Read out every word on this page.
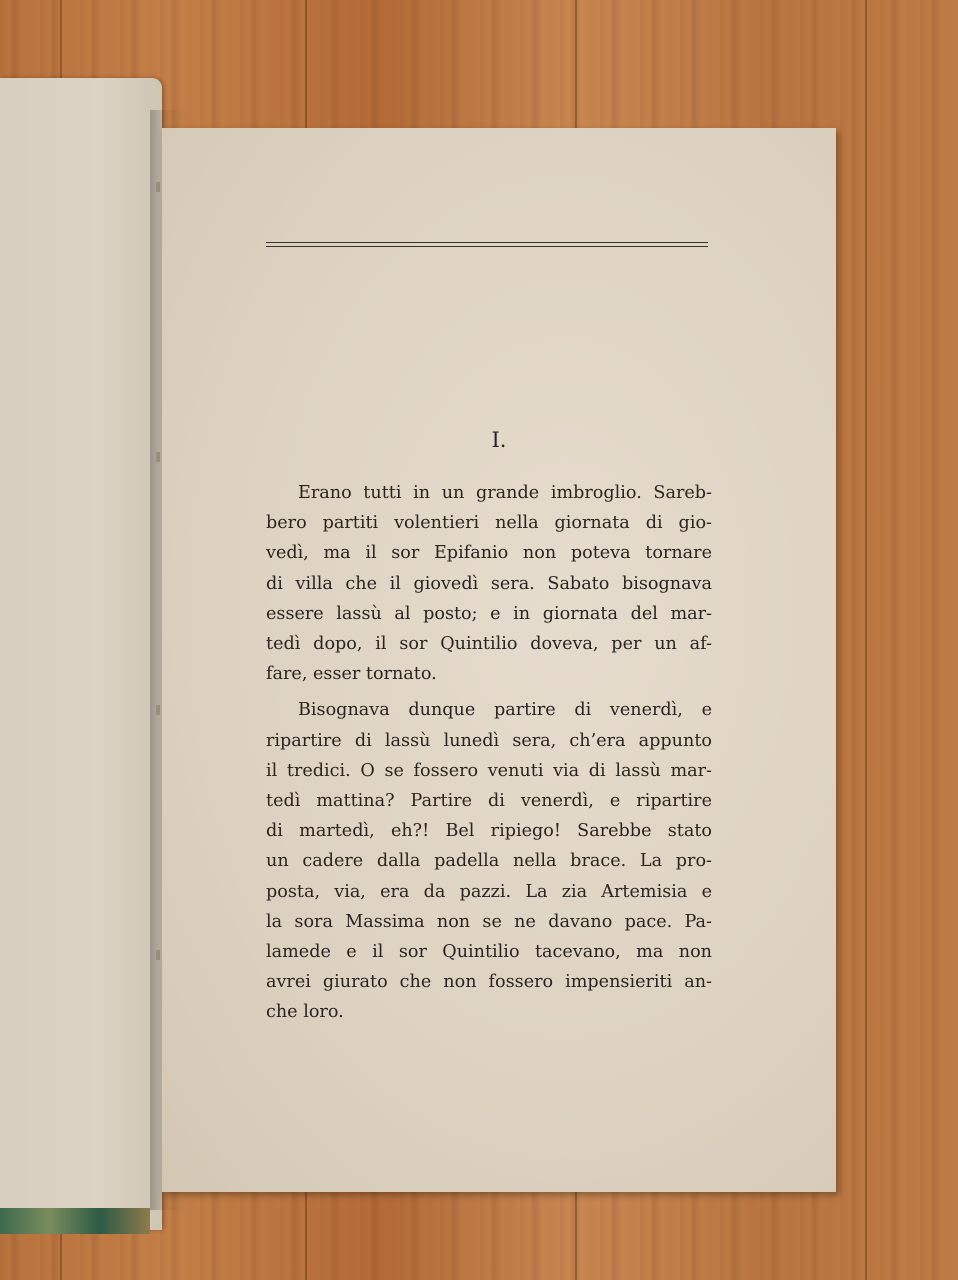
I.
Erano tutti in un grande imbroglio. Sareb-
bero partiti volentieri nella giornata di gio-
vedì, ma il sor Epifanio non poteva tornare
di villa che il giovedì sera. Sabato bisognava
essere lassù al posto; e in giornata del mar-
tedì dopo, il sor Quintilio doveva, per un af-
fare, esser tornato.
Bisognava dunque partire di venerdì, e
ripartire di lassù lunedì sera, ch’era appunto
il tredici. O se fossero venuti via di lassù mar-
tedì mattina? Partire di venerdì, e ripartire
di martedì, eh?! Bel ripiego! Sarebbe stato
un cadere dalla padella nella brace. La pro-
posta, via, era da pazzi. La zia Artemisia e
la sora Massima non se ne davano pace. Pa-
lamede e il sor Quintilio tacevano, ma non
avrei giurato che non fossero impensieriti an-
che loro.
